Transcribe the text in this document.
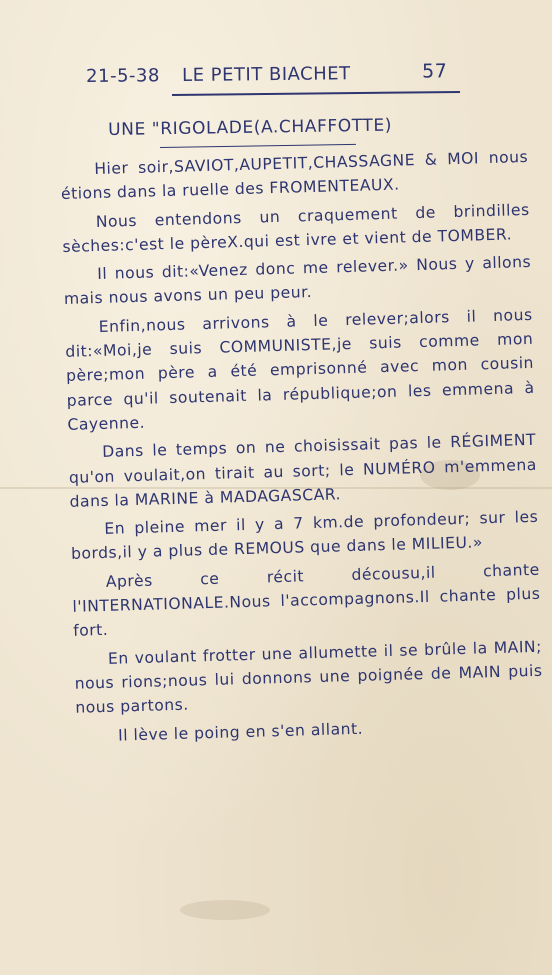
21-5-38 LE PETIT BIACHET	57
UNE "RIGOLADE(A.CHAFFOTTE)

Hier soir,SAVIOT,AUPETIT,CHASSAGNE & MOI nous étions dans la ruelle des FROMENTEAUX.

Nous entendons un craquement de brindilles sèches:c'est le pèreX.qui est ivre et vient de TOMBER.

Il nous dit:«Venez donc me relever.» Nous y allons mais nous avons un peu peur.

Enfin,nous arrivons à le relever;alors il nous dit:«Moi,je suis COMMUNISTE,je suis comme mon père;mon père a été emprisonné avec mon cousin parce qu'il soutenait la république;on les emmena à Cayenne.

Dans le temps on ne choisissait pas le RÉGIMENT qu'on voulait,on tirait au sort; le NUMÉRO m'emmena dans la MARINE à MADAGASCAR.

En pleine mer il y a 7 km.de profondeur; sur les bords,il y a plus de REMOUS que dans le MILIEU.»

Après ce récit décousu,il chante l'INTERNATIONALE.Nous l'accompagnons.Il chante plus fort.

En voulant frotter une allumette il se brûle la MAIN; nous rions;nous lui donnons une poignée de MAIN puis nous partons.

Il lève le poing en s'en allant.
